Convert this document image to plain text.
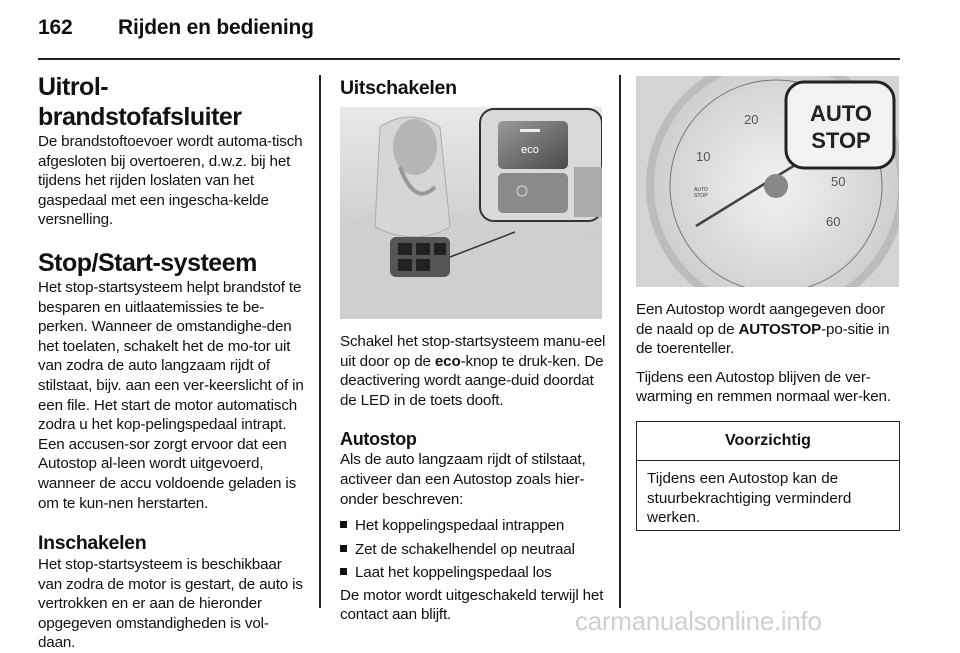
162 Rijden en bediening
Uitrol-brandstofafsluiter

De brandstoftoevoer wordt automa-tisch afgesloten bij overtoeren, d.w.z. bij het tijdens het rijden loslaten van het gaspedaal met een ingescha-kelde versnelling.

Stop/Start-systeem

Het stop-startsysteem helpt brandstof te besparen en uitlaatemissies te be-perken. Wanneer de omstandighe-den het toelaten, schakelt het de mo-tor uit van zodra de auto langzaam rijdt of stilstaat, bijv. aan een ver-keerslicht of in een file. Het start de motor automatisch zodra u het kop-pelingspedaal intrapt. Een accusen-sor zorgt ervoor dat een Autostop al-leen wordt uitgevoerd, wanneer de accu voldoende geladen is om te kun-nen herstarten.

Inschakelen

Het stop-startsysteem is beschikbaar van zodra de motor is gestart, de auto is vertrokken en er aan de hieronder opgegeven omstandigheden is vol-daan.

Uitschakelen
eco

Schakel het stop-startsysteem manu-eel uit door op de eco-knop te druk-ken. De deactivering wordt aange-duid doordat de LED in de toets dooft.

Autostop

Als de auto langzaam rijdt of stilstaat, activeer dan een Autostop zoals hier-onder beschreven:

Het koppelingspedaal intrappen
Zet de schakelhendel op neutraal
Laat het koppelingspedaal los

De motor wordt uitgeschakeld terwijl het contact aan blijft.

10
20
50
60
AUTO
STOP
AUTO
STOP

Een Autostop wordt aangegeven door de naald op de AUTOSTOP-po-sitie in de toerenteller.

Tijdens een Autostop blijven de ver-warming en remmen normaal wer-ken.

Voorzichtig
Tijdens een Autostop kan de stuurbekrachtiging verminderd werken.
carmanualsonline.info
